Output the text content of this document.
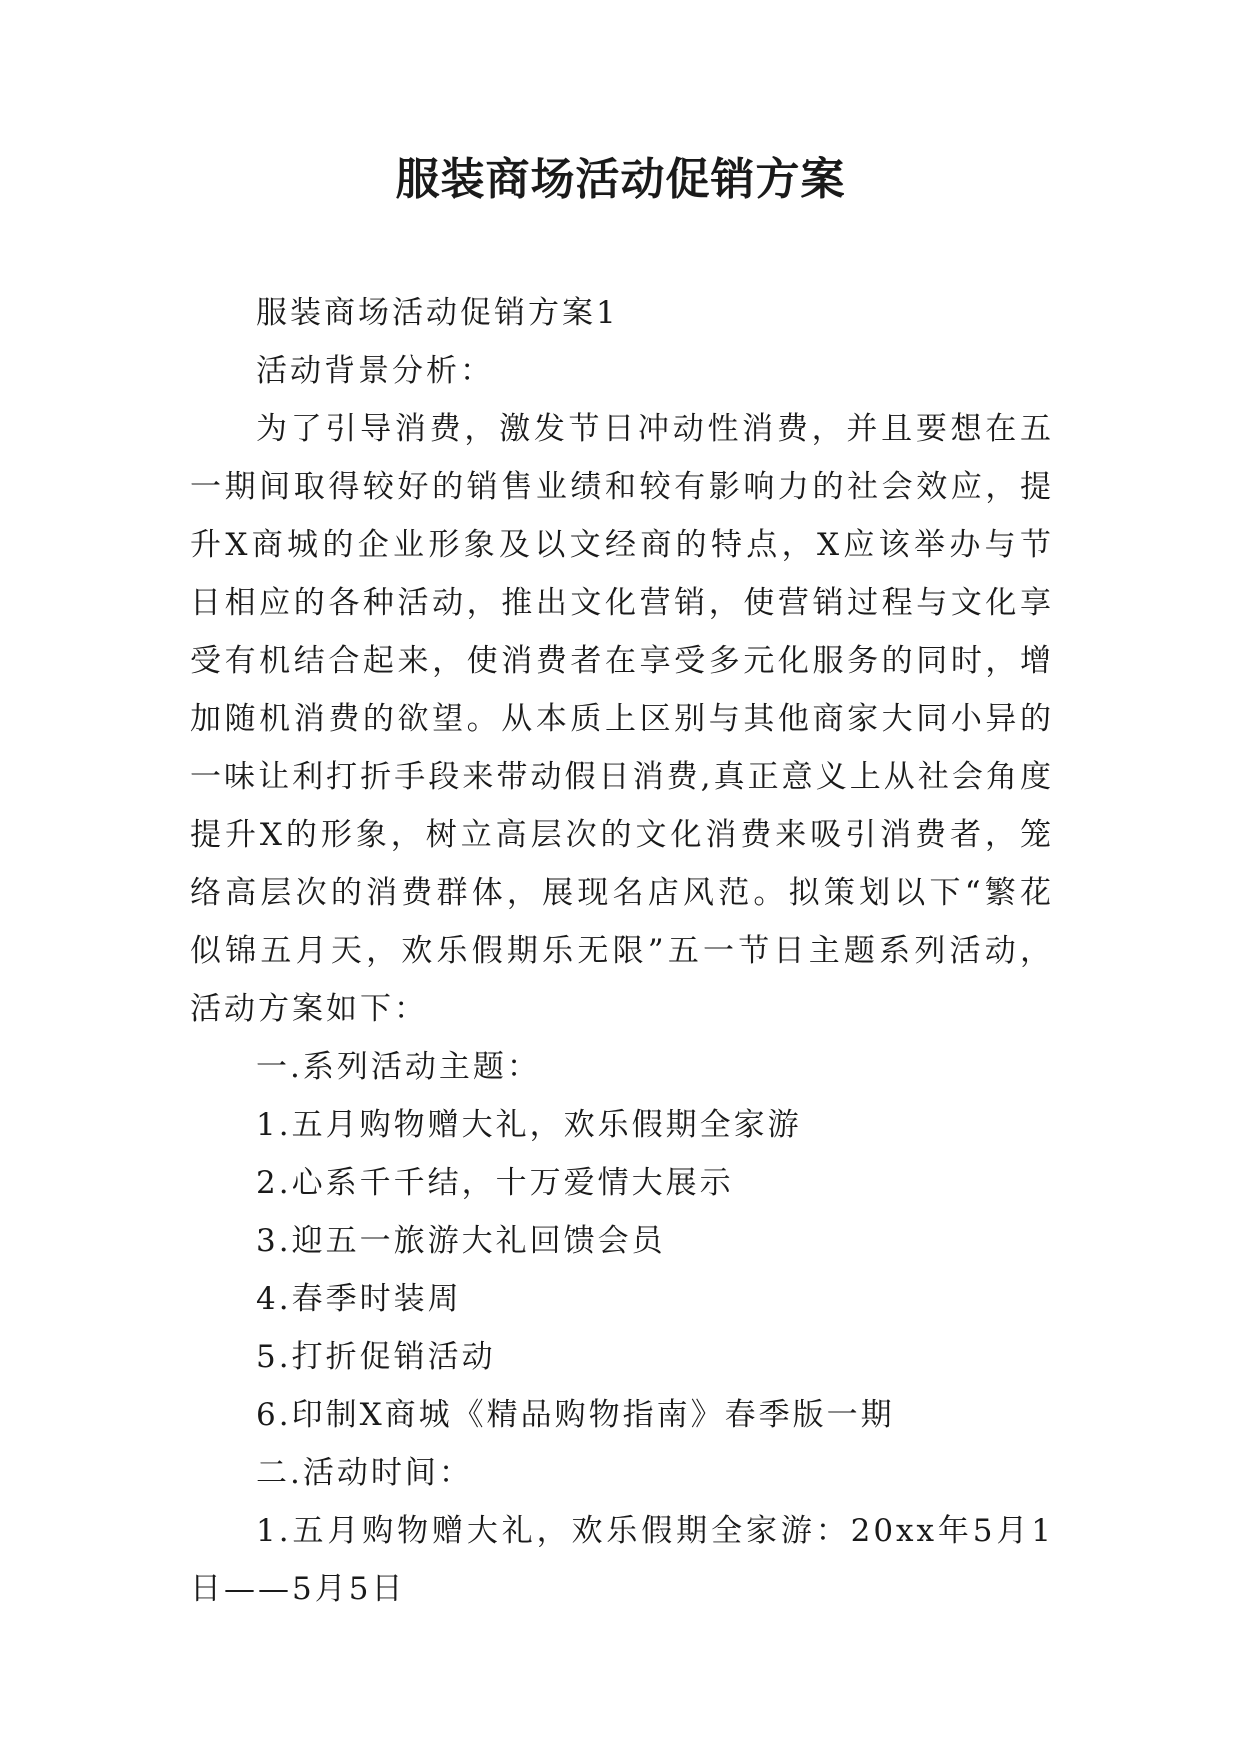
服装商场活动促销方案

服装商场活动促销方案1

活动背景分析：

为了引导消费，激发节日冲动性消费，并且要想在五一期间取得较好的销售业绩和较有影响力的社会效应，提升X商城的企业形象及以文经商的特点，X应该举办与节日相应的各种活动，推出文化营销，使营销过程与文化享受有机结合起来，使消费者在享受多元化服务的同时，增加随机消费的欲望。从本质上区别与其他商家大同小异的一味让利打折手段来带动假日消费,真正意义上从社会角度提升X的形象，树立高层次的文化消费来吸引消费者，笼络高层次的消费群体，展现名店风范。拟策划以下“繁花似锦五月天，欢乐假期乐无限”五一节日主题系列活动，活动方案如下：

一.系列活动主题：

1.五月购物赠大礼，欢乐假期全家游

2.心系千千结，十万爱情大展示

3.迎五一旅游大礼回馈会员

4.春季时装周

5.打折促销活动

6.印制X商城《精品购物指南》春季版一期

二.活动时间：

1.五月购物赠大礼，欢乐假期全家游：20xx年5月1日——5月5日
